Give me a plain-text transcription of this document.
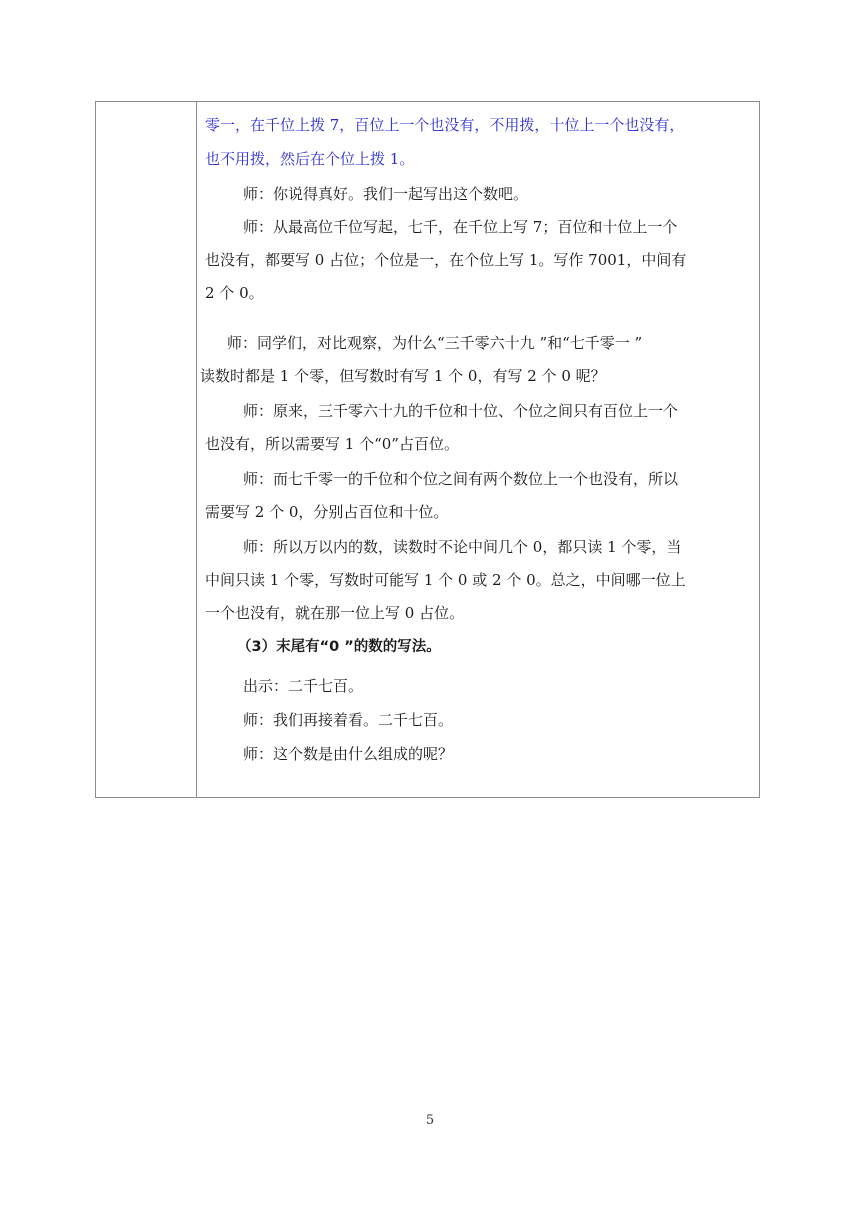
零一，在千位上拨 7，百位上一个也没有，不用拨，十位上一个也没有，
也不用拨，然后在个位上拨 1。
师：你说得真好。我们一起写出这个数吧。
师：从最高位千位写起，七千，在千位上写 7；百位和十位上一个
也没有，都要写 0 占位；个位是一，在个位上写 1。写作 7001，中间有
2 个 0。
师：同学们，对比观察，为什么“三千零六十九 ”和“七千零一 ”
读数时都是 1 个零，但写数时有写 1 个 0，有写 2 个 0 呢？
师：原来，三千零六十九的千位和十位、个位之间只有百位上一个
也没有，所以需要写 1 个“0”占百位。
师：而七千零一的千位和个位之间有两个数位上一个也没有，所以
需要写 2 个 0，分别占百位和十位。
师：所以万以内的数，读数时不论中间几个 0，都只读 1 个零，当
中间只读 1 个零，写数时可能写 1 个 0 或 2 个 0。总之，中间哪一位上
一个也没有，就在那一位上写 0 占位。
（3）末尾有“0 ”的数的写法。
出示：二千七百。
师：我们再接着看。二千七百。
师：这个数是由什么组成的呢？
5
